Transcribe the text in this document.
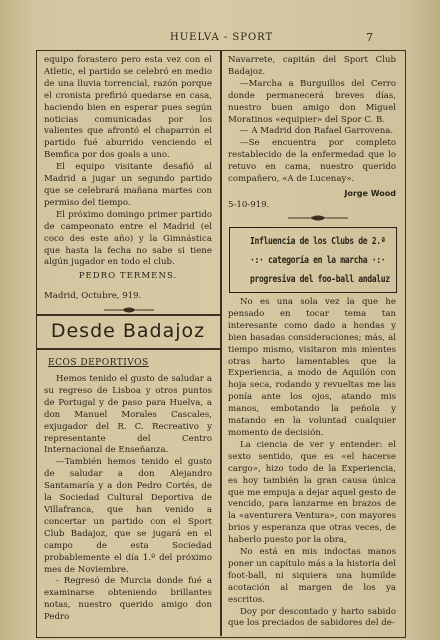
HUELVA - SPORT	7

equipo forastero pero esta vez con el Atletic, el partido se celebró en medio de una lluvia torrencial, razón porque el cronista prefirió quedarse en casa, haciendo bien en esperar pues según noticias comunicadas por los valientes que afrontó el chaparrón el partido fué aburrido venciendo el Bemfica por dos goals a uno.

El equipo visitante desafió al Madrid a jugar un segundo partido que se celebrará mañana martes con permiso del tiempo.

El próximo domingo primer partido de campeonato entre el Madrid (el coco des este año) y la Gimnástica que hasta la fecha no sabe si tiene algún jugador en todo el club.

PEDRO TERMENS.
Madrid, Octubre, 919.
Desde Badajoz
ECOS DEPORTIVOS

Hemos tenido el gusto de saludar a su regreso de Lisboa y otros puntos de Portugal y de paso para Huelva, a don Manuel Morales Cascales, exjugador del R. C. Recreativo y representante del Centro Internacional de Enseñanza.

—También hemos tenido el gusto de saludar a don Alejandro Santamaría y a don Pedro Cortés, de la Sociedad Cultural Deportiva de Villafranca, que han venido a concertar un partido con el Sport Club Badajoz, que se jugará en el campo de esta Sociedad probablemente el día 1.º del próximo mes de Noviembre.

- Regresó de Murcia donde fué a examinarse obteniendo brillantes notas, nuestro querido amigo don Pedro

Navarrete, capitán del Sport Club Badajoz.

—Marcha a Burguillos del Cerro donde permanecerá breves días, nuestro buen amigo don Miguel Moratinos «equipier» del Spor C. B.

— A Madrid don Rafael Garrovena.

—Se encuentra por completo restablecido de la enfermedad que lo retuvo en cama, nuestro querido compañero, «A de Lucenay».

Jorge Wood
5-10-919.
Influencia de los Clubs de 2.ª
·:· categoría en la marcha ·:·
progresiva del foo-ball andaluz

No es una sola vez la que he pensado en tocar tema tan interesante como dado a hondas y bien basadas consideraciones; más, al tiempo mismo, visitaron mis mientes otras harto lamentables que la Experiencia, a modo de Aquilón con hoja seca, rodando y revueltas me las ponía ante los ojos, atando mis manos, embotando la peñola y matando en la voluntad cualquier momento de decisión.

La ciencia de ver y entender: el sexto sentido, que es «el hacerse cargo», hizo todo de la Experiencia, es hoy también la gran causa única que me empuja a dejar aquel gesto de vencido, para lanzarme en brazos de la «aventurera Ventura», con mayores brios y esperanza que otras veces, de haberlo puesto por la obra,

No está en mis indoctas manos poner un capítulo más a la historia del foot-ball, ni siquiera una humilde acotación al margen de los ya escritos.

Doy por descontado y harto sabido que los preciados de sabidores del de-
